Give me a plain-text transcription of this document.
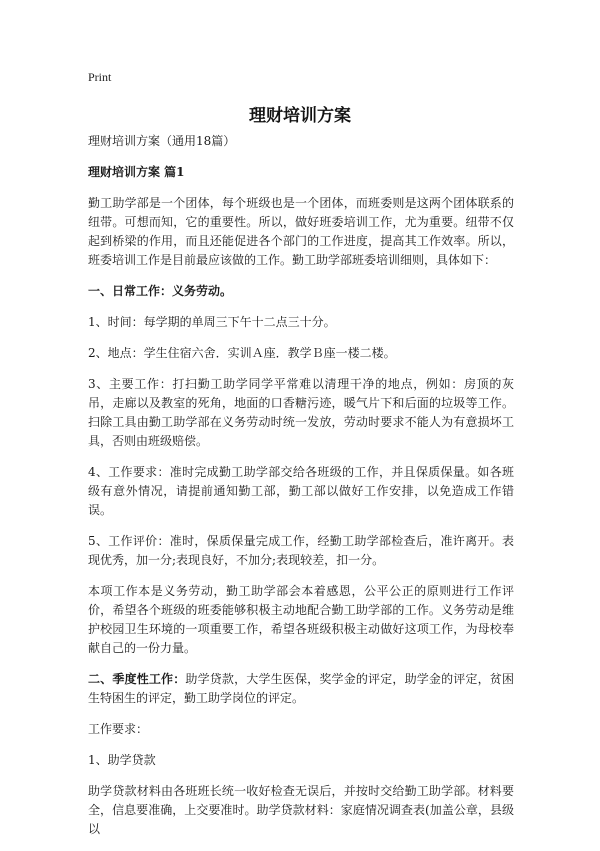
Print
理财培训方案

理财培训方案（通用18篇）

理财培训方案 篇1

勤工助学部是一个团体，每个班级也是一个团体，而班委则是这两个团体联系的纽带。可想而知，它的重要性。所以，做好班委培训工作，尤为重要。纽带不仅起到桥梁的作用，而且还能促进各个部门的工作进度，提高其工作效率。所以，班委培训工作是目前最应该做的工作。勤工助学部班委培训细则，具体如下：

一、日常工作：义务劳动。

1、时间：每学期的单周三下午十二点三十分。

2、地点：学生住宿六舍．实训Ａ座．教学Ｂ座一楼二楼。

3、主要工作：打扫勤工助学同学平常难以清理干净的地点，例如：房顶的灰吊，走廊以及教室的死角，地面的口香糖污迹，暖气片下和后面的垃圾等工作。扫除工具由勤工助学部在义务劳动时统一发放，劳动时要求不能人为有意损坏工具，否则由班级赔偿。

4、工作要求：准时完成勤工助学部交给各班级的工作，并且保质保量。如各班级有意外情况，请提前通知勤工部，勤工部以做好工作安排，以免造成工作错误。

5、工作评价：准时，保质保量完成工作，经勤工助学部检查后，准许离开。表现优秀，加一分;表现良好，不加分;表现较差，扣一分。

本项工作本是义务劳动，勤工助学部会本着感恩，公平公正的原则进行工作评价，希望各个班级的班委能够积极主动地配合勤工助学部的工作。义务劳动是维护校园卫生环境的一项重要工作，希望各班级积极主动做好这项工作，为母校奉献自己的一份力量。

二、季度性工作：助学贷款，大学生医保，奖学金的评定，助学金的评定，贫困生特困生的评定，勤工助学岗位的评定。

工作要求：

1、助学贷款

助学贷款材料由各班班长统一收好检查无误后，并按时交给勤工助学部。材料要全，信息要准确，上交要准时。助学贷款材料：家庭情况调查表(加盖公章，县级以
